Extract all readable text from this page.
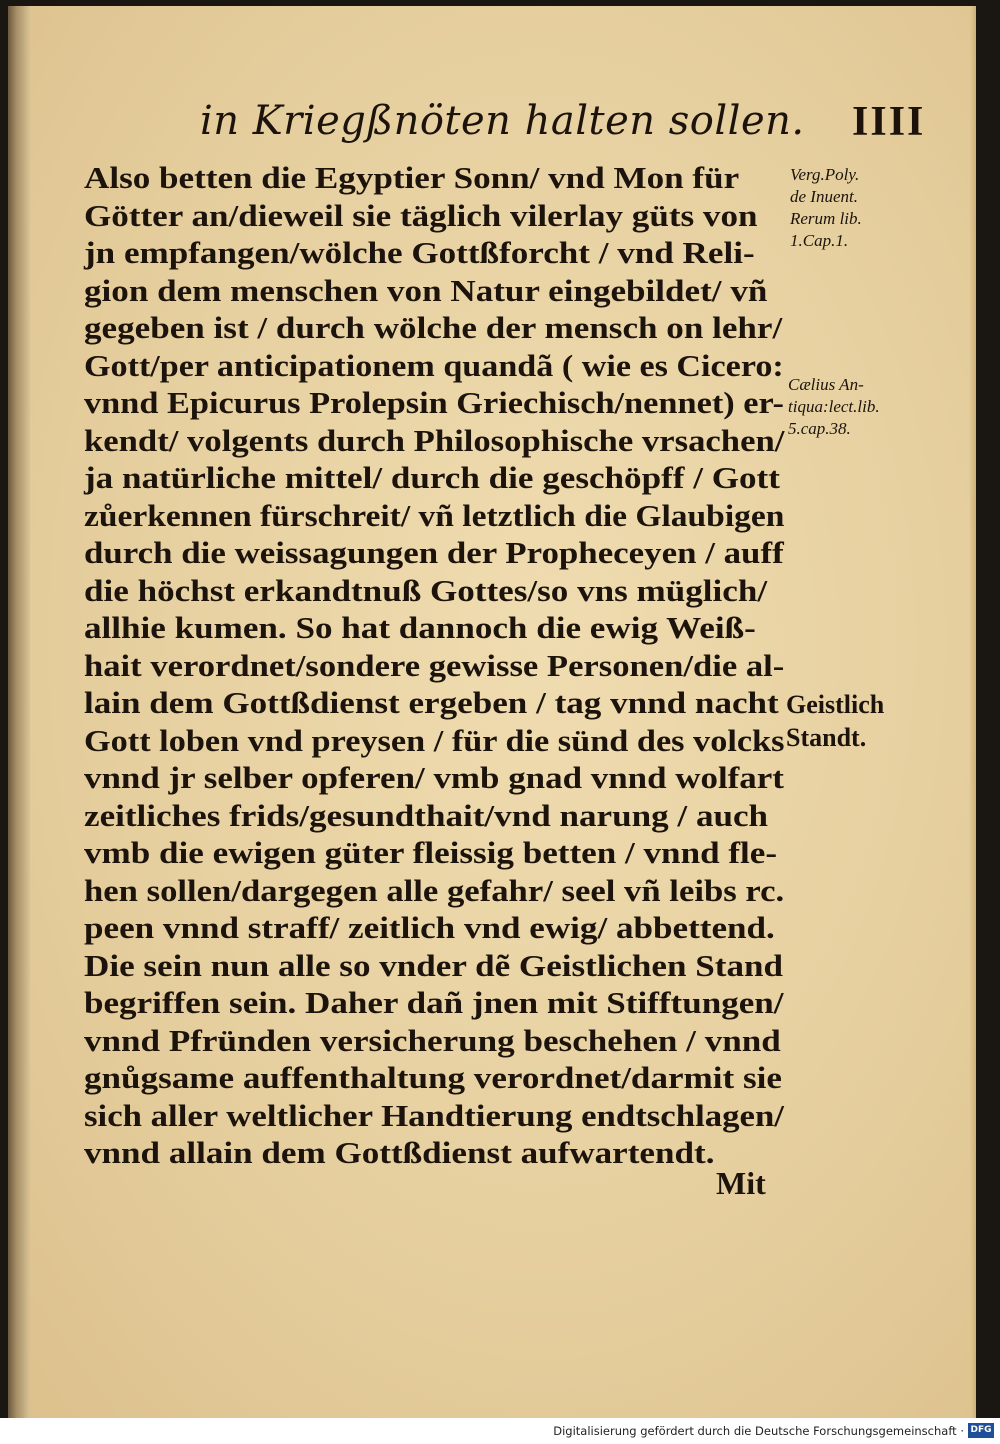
in Kriegßnöten halten sollen. IIII
Also betten die Egyptier Sonn/ vnd Mon für
Götter an/dieweil sie täglich vilerlay güts von
jn empfangen/wölche Gottßforcht / vnd Reli-
gion dem menschen von Natur eingebildet/ vñ
gegeben ist / durch wölche der mensch on lehr/
Gott/per anticipationem quandã ( wie es Cicero:
vnnd Epicurus Prolepsin Griechisch/nennet) er-
kendt/ volgents durch Philosophische vrsachen/
ja natürliche mittel/ durch die geschöpff / Gott
zůerkennen fürschreit/ vñ letztlich die Glaubigen
durch die weissagungen der Propheceyen / auff
die höchst erkandtnuß Gottes/so vns müglich/
allhie kumen. So hat dannoch die ewig Weiß-
hait verordnet/sondere gewisse Personen/die al-
lain dem Gottßdienst ergeben / tag vnnd nacht
Gott loben vnd preysen / für die sünd des volcks
vnnd jr selber opferen/ vmb gnad vnnd wolfart
zeitliches frids/gesundthait/vnd narung / auch
vmb die ewigen güter fleissig betten / vnnd fle-
hen sollen/dargegen alle gefahr/ seel vñ leibs rc.
peen vnnd straff/ zeitlich vnd ewig/ abbettend.
Die sein nun alle so vnder dẽ Geistlichen Stand
begriffen sein. Daher dañ jnen mit Stifftungen/
vnnd Pfründen versicherung beschehen / vnnd
gnůgsame auffenthaltung verordnet/darmit sie
sich aller weltlicher Handtierung endtschlagen/
vnnd allain dem Gottßdienst aufwartendt.
Mit
Verg.Poly.
de Inuent.
Rerum lib.
1.Cap.1.
Cælius An-
tiqua:lect.lib.
5.cap.38.
Geistlich
Standt.
Digitalisierung gefördert durch die Deutsche Forschungsgemeinschaft · DFG
